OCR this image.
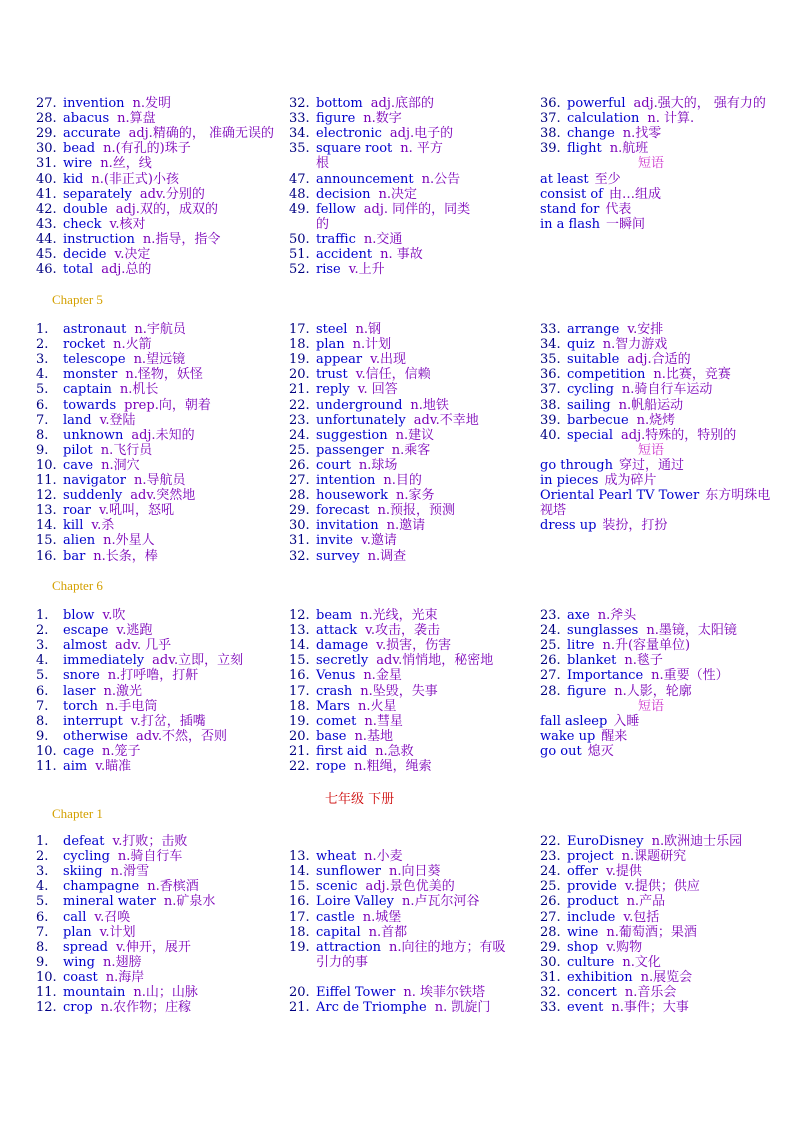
27. invention n.发明
28. abacus n.算盘
29. accurate adj.精确的， 准确无误的
30. bead n.(有孔的)珠子
31. wire n.丝，线
40. kid n.(非正式)小孩
41. separately adv.分别的
42. double adj.双的，成双的
43. check v.核对
44. instruction n.指导，指令
45. decide v.决定
46. total adj.总的
32. bottom adj.底部的
33. figure n.数字
34. electronic adj.电子的
35. square root n. 平方
根
47. announcement n.公告
48. decision n.决定
49. fellow adj. 同伴的，同类
的
50. traffic n.交通
51. accident n. 事故
52. rise v.上升
36. powerful adj.强大的， 强有力的
37. calculation n. 计算.
38. change n.找零
39. flight n.航班
短语
at least 至少
consist of 由…组成
stand for 代表
in a flash 一瞬间
Chapter 5
1. astronaut n.宇航员
2. rocket n.火箭
3. telescope n.望远镜
4. monster n.怪物，妖怪
5. captain n.机长
6. towards prep.向，朝着
7. land v.登陆
8. unknown adj.未知的
9. pilot n.飞行员
10. cave n.洞穴
11. navigator n.导航员
12. suddenly adv.突然地
13. roar v.吼叫，怒吼
14. kill v.杀
15. alien n.外星人
16. bar n.长条，棒
17. steel n.钢
18. plan n.计划
19. appear v.出现
20. trust v.信任，信赖
21. reply v. 回答
22. underground n.地铁
23. unfortunately adv.不幸地
24. suggestion n.建议
25. passenger n.乘客
26. court n.球场
27. intention n.目的
28. housework n.家务
29. forecast n.预报，预测
30. invitation n.邀请
31. invite v.邀请
32. survey n.调查
33. arrange v.安排
34. quiz n.智力游戏
35. suitable adj.合适的
36. competition n.比赛，竞赛
37. cycling n.骑自行车运动
38. sailing n.帆船运动
39. barbecue n.烧烤
40. special adj.特殊的，特别的
短语
go through 穿过，通过
in pieces 成为碎片
Oriental Pearl TV Tower 东方明珠电
视塔
dress up 装扮，打扮
Chapter 6
1. blow v.吹
2. escape v.逃跑
3. almost adv. 几乎
4. immediately adv.立即，立刻
5. snore n.打呼噜，打鼾
6. laser n.激光
7. torch n.手电筒
8. interrupt v.打岔，插嘴
9. otherwise adv.不然，否则
10. cage n.笼子
11. aim v.瞄准
12. beam n.光线，光束
13. attack v.攻击，袭击
14. damage v.损害，伤害
15. secretly adv.悄悄地，秘密地
16. Venus n.金星
17. crash n.坠毁，失事
18. Mars n.火星
19. comet n.彗星
20. base n.基地
21. first aid n.急救
22. rope n.粗绳，绳索
23. axe n.斧头
24. sunglasses n.墨镜，太阳镜
25. litre n.升(容量单位)
26. blanket n.毯子
27. Importance n.重要（性）
28. figure n.人影，轮廓
短语
fall asleep 入睡
wake up 醒来
go out 熄灭
七年级 下册
Chapter 1
1. defeat v.打败；击败
2. cycling n.骑自行车
3. skiing n.滑雪
4. champagne n.香槟酒
5. mineral water n.矿泉水
6. call v.召唤
7. plan v.计划
8. spread v.伸开，展开
9. wing n.翅膀
10. coast n.海岸
11. mountain n.山；山脉
12. crop n.农作物；庄稼
13. wheat n.小麦
14. sunflower n.向日葵
15. scenic adj.景色优美的
16. Loire Valley n.卢瓦尔河谷
17. castle n.城堡
18. capital n.首都
19. attraction n.向往的地方；有吸
引力的事
20. Eiffel Tower n. 埃菲尔铁塔
21. Arc de Triomphe n. 凯旋门
22. EuroDisney n.欧洲迪士乐园
23. project n.课题研究
24. offer v.提供
25. provide v.提供；供应
26. product n.产品
27. include v.包括
28. wine n.葡萄酒；果酒
29. shop v.购物
30. culture n.文化
31. exhibition n.展览会
32. concert n.音乐会
33. event n.事件；大事
